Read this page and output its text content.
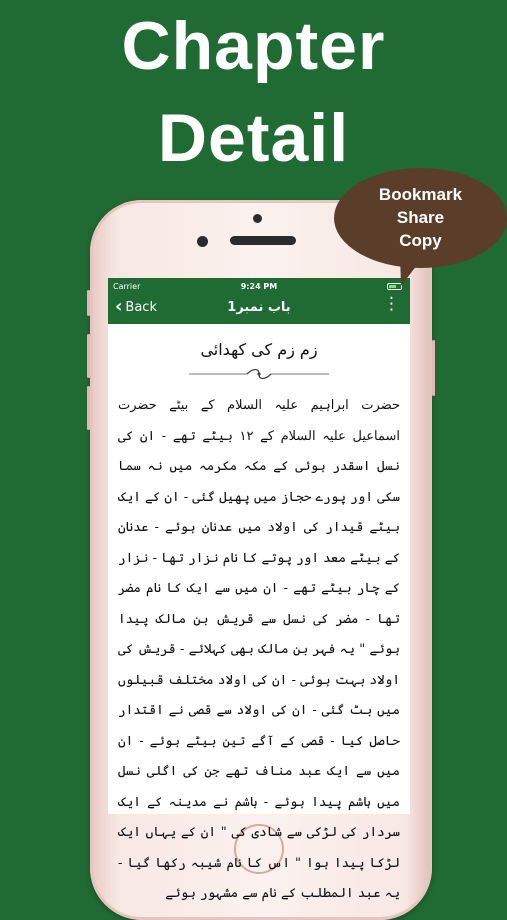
Chapter
Detail
Carrier	9:24 PM
‹ Back	باب نمبر1	⋮
زم زم کی کھدائی
حضرت ابراہیم علیہ السلام کے بیٹے حضرت اسماعیل علیہ السلام کے ۱۲ بیٹے تھے - ان کی نسل اسقدر ہوئی کے مکہ مکرمہ میں نہ سما سکی اور پورے حجاز میں پھیل گئی - ان کے ایک بیٹے قیدار کی اولاد میں عدنان ہوئے - عدنان کے بیٹے معد اور پوتے کا نام نزار تھا - نزار کے چار بیٹے تھے - ان میں سے ایک کا نام مضر تھا - مضر کی نسل سے قریش بن مالک پیدا ہوئے " یہ فہر بن مالک بھی کہلائے - قریش کی اولاد بہت ہوئی - ان کی اولاد مختلف قبیلوں میں بٹ گئی - ان کی اولاد سے قصی نے اقتدار حاصل کیا - قصی کے آگے تین بیٹے ہوئے - ان میں سے ایک عبد مناف تھے جن کی اگلی نسل میں ہاشم پیدا ہوئے - ہاشم نے مدینہ کے ایک سردار کی لڑکی سے شادی کی " ان کے یہاں ایک لڑکا پیدا ہوا " اس کا نام شیبہ رکھا گیا - یہ عبد المطلب کے نام سے مشہور ہوئے
Bookmark
Share
Copy
